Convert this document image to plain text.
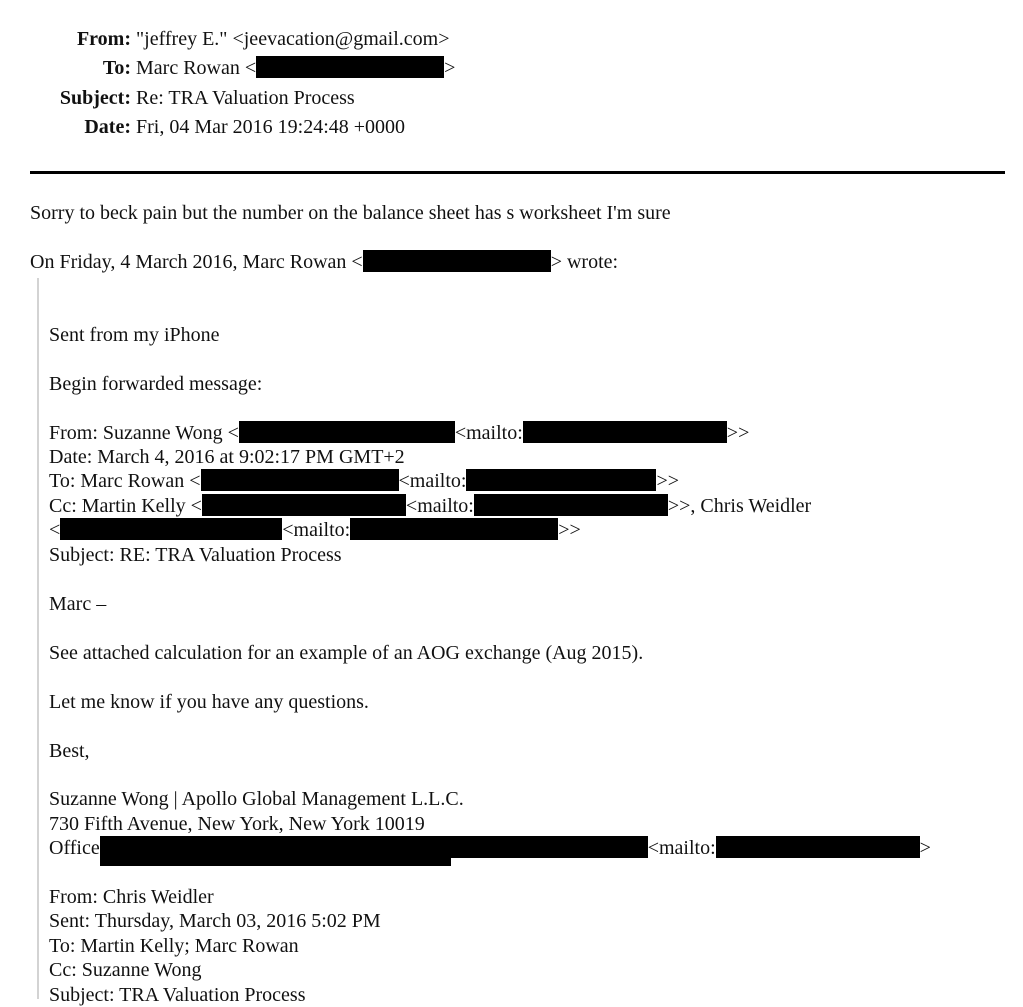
From: "jeffrey E." <jeevacation@gmail.com>
To: Marc Rowan <	>
Subject: Re: TRA Valuation Process
Date: Fri, 04 Mar 2016 19:24:48 +0000
Sorry to beck pain but the number on the balance sheet has s worksheet I'm sure
On Friday, 4 March 2016, Marc Rowan <	> wrote:
Sent from my iPhone
Begin forwarded message:
From: Suzanne Wong <	<mailto:	>>
Date: March 4, 2016 at 9:02:17 PM GMT+2
To: Marc Rowan <	<mailto:	>>
Cc: Martin Kelly <	<mailto:	>>, Chris Weidler
<	<mailto:	>>
Subject: RE: TRA Valuation Process
Marc –
See attached calculation for an example of an AOG exchange (Aug 2015).
Let me know if you have any questions.
Best,
Suzanne Wong | Apollo Global Management L.L.C.
730 Fifth Avenue, New York, New York 10019
Office	<mailto:	>
From: Chris Weidler
Sent: Thursday, March 03, 2016 5:02 PM
To: Martin Kelly; Marc Rowan
Cc: Suzanne Wong
Subject: TRA Valuation Process
